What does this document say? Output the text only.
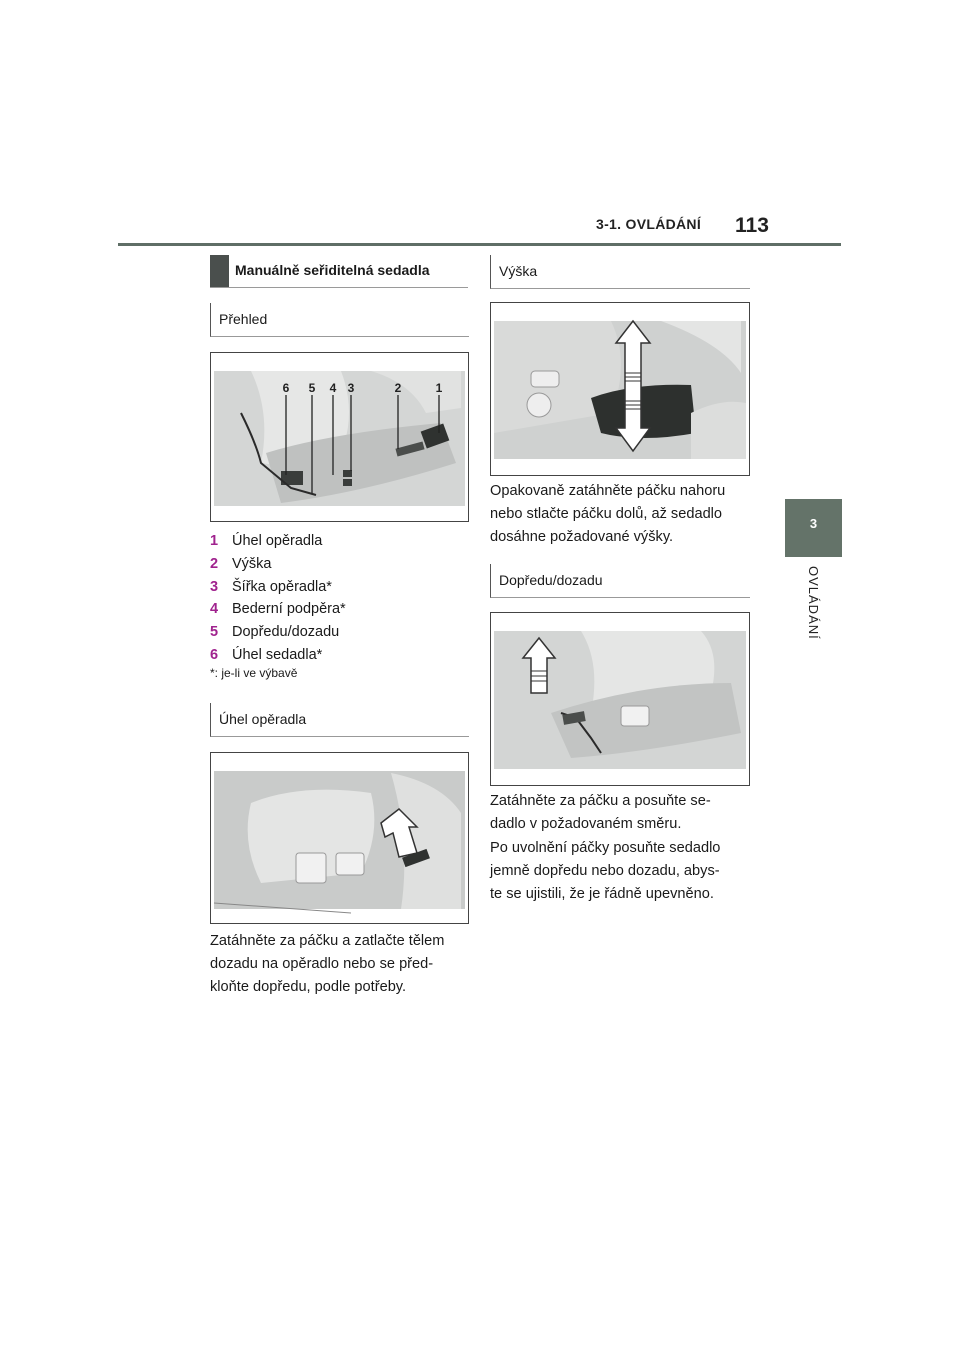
3-1. OVLÁDÁNÍ 113
3
OVLÁDÁNÍ
Manuálně seřiditelná sedadla
Přehled
6 5 4 3	2	1
1 Úhel opěradla
2 Výška
3 Šířka opěradla*
4 Bederní podpěra*
5 Dopředu/dozadu
6 Úhel sedadla*
*: je-li ve výbavě
Úhel opěradla
Zatáhněte za páčku a zatlačte tělem
dozadu na opěradlo nebo se před-
kloňte dopředu, podle potřeby.
Výška
Opakovaně zatáhněte páčku nahoru
nebo stlačte páčku dolů, až sedadlo
dosáhne požadované výšky.
Dopředu/dozadu
Zatáhněte za páčku a posuňte se-
dadlo v požadovaném směru.
Po uvolnění páčky posuňte sedadlo
jemně dopředu nebo dozadu, abys-
te se ujistili, že je řádně upevněno.
